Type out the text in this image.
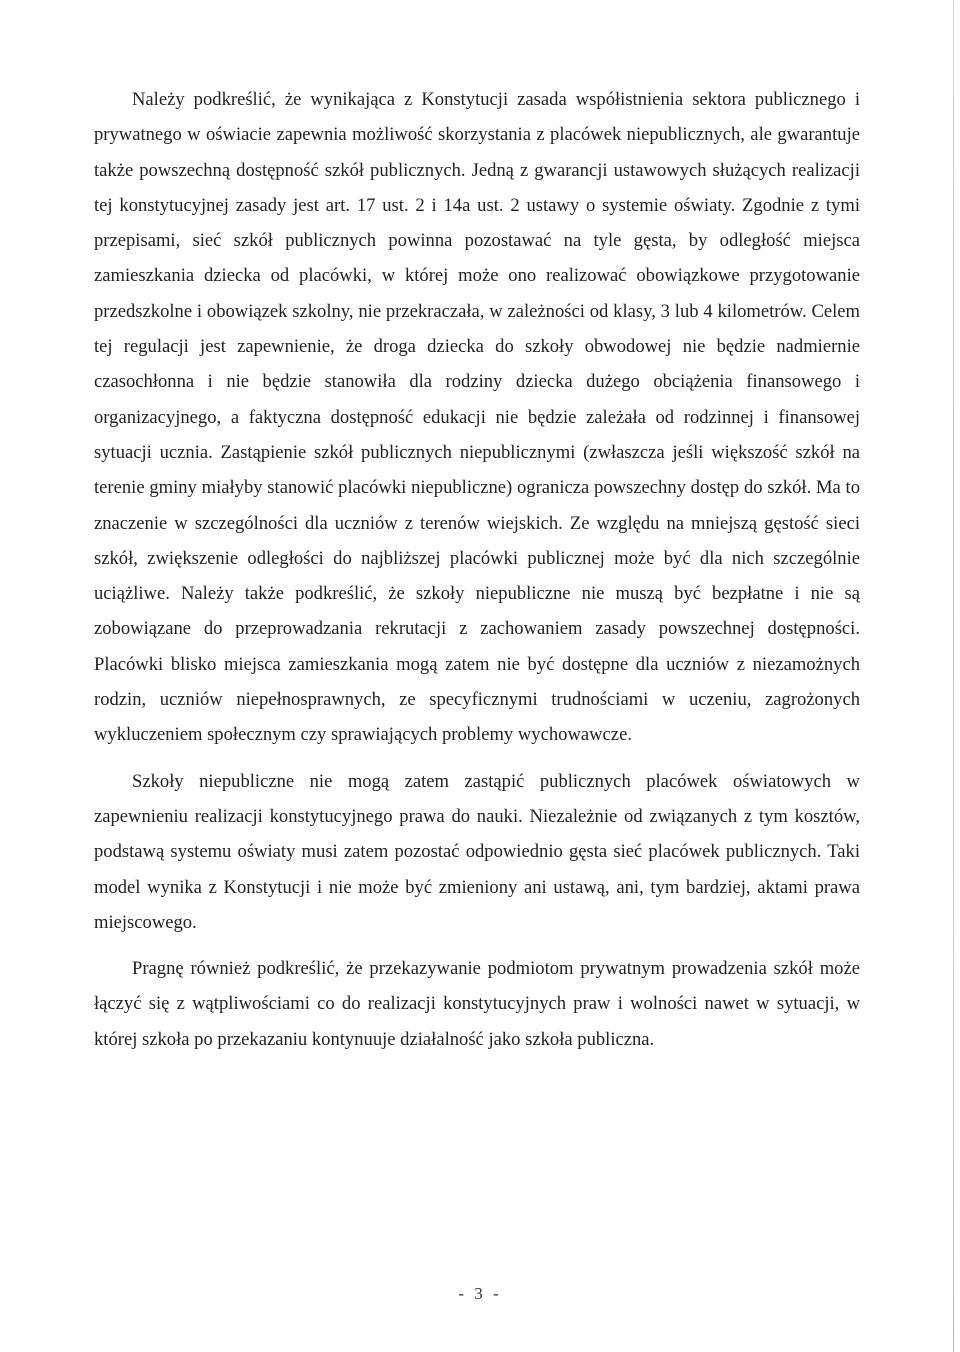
Należy podkreślić, że wynikająca z Konstytucji zasada współistnienia sektora publicznego i prywatnego w oświacie zapewnia możliwość skorzystania z placówek niepublicznych, ale gwarantuje także powszechną dostępność szkół publicznych. Jedną z gwarancji ustawowych służących realizacji tej konstytucyjnej zasady jest art. 17 ust. 2 i 14a ust. 2 ustawy o systemie oświaty. Zgodnie z tymi przepisami, sieć szkół publicznych powinna pozostawać na tyle gęsta, by odległość miejsca zamieszkania dziecka od placówki, w której może ono realizować obowiązkowe przygotowanie przedszkolne i obowiązek szkolny, nie przekraczała, w zależności od klasy, 3 lub 4 kilometrów. Celem tej regulacji jest zapewnienie, że droga dziecka do szkoły obwodowej nie będzie nadmiernie czasochłonna i nie będzie stanowiła dla rodziny dziecka dużego obciążenia finansowego i organizacyjnego, a faktyczna dostępność edukacji nie będzie zależała od rodzinnej i finansowej sytuacji ucznia. Zastąpienie szkół publicznych niepublicznymi (zwłaszcza jeśli większość szkół na terenie gminy miałyby stanowić placówki niepubliczne) ogranicza powszechny dostęp do szkół. Ma to znaczenie w szczególności dla uczniów z terenów wiejskich. Ze względu na mniejszą gęstość sieci szkół, zwiększenie odległości do najbliższej placówki publicznej może być dla nich szczególnie uciążliwe. Należy także podkreślić, że szkoły niepubliczne nie muszą być bezpłatne i nie są zobowiązane do przeprowadzania rekrutacji z zachowaniem zasady powszechnej dostępności. Placówki blisko miejsca zamieszkania mogą zatem nie być dostępne dla uczniów z niezamożnych rodzin, uczniów niepełnosprawnych, ze specyficznymi trudnościami w uczeniu, zagrożonych wykluczeniem społecznym czy sprawiających problemy wychowawcze.

Szkoły niepubliczne nie mogą zatem zastąpić publicznych placówek oświatowych w zapewnieniu realizacji konstytucyjnego prawa do nauki. Niezależnie od związanych z tym kosztów, podstawą systemu oświaty musi zatem pozostać odpowiednio gęsta sieć placówek publicznych. Taki model wynika z Konstytucji i nie może być zmieniony ani ustawą, ani, tym bardziej, aktami prawa miejscowego.

Pragnę również podkreślić, że przekazywanie podmiotom prywatnym prowadzenia szkół może łączyć się z wątpliwościami co do realizacji konstytucyjnych praw i wolności nawet w sytuacji, w której szkoła po przekazaniu kontynuuje działalność jako szkoła publiczna.

- 3 -
